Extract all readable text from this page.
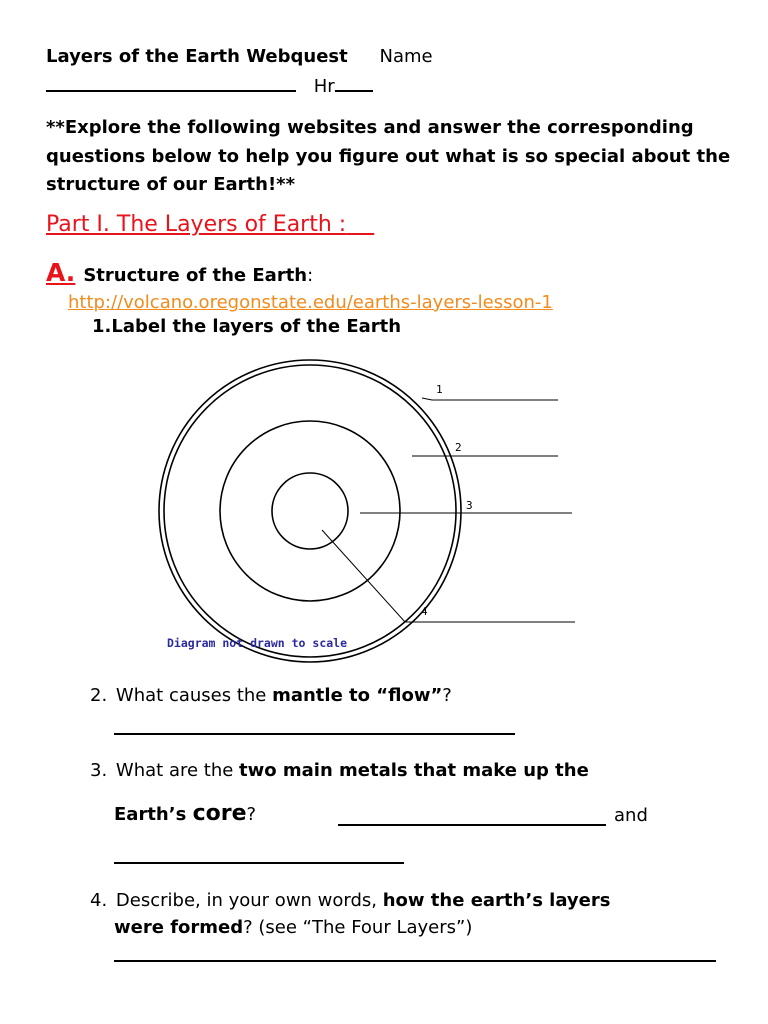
Layers of the Earth Webquest Name
Hr
**Explore the following websites and answer the corresponding questions below to help you figure out what is so special about the structure of our Earth!**
Part I. The Layers of Earth :
A. Structure of the Earth:
http://volcano.oregonstate.edu/earths-layers-lesson-1
1.Label the layers of the Earth
1
2
3
4
Diagram not drawn to scale
2. What causes the mantle to “flow”?
3. What are the two main metals that make up the
Earth’s core?	and
4. Describe, in your own words, how the earth’s layers
were formed? (see “The Four Layers”)
